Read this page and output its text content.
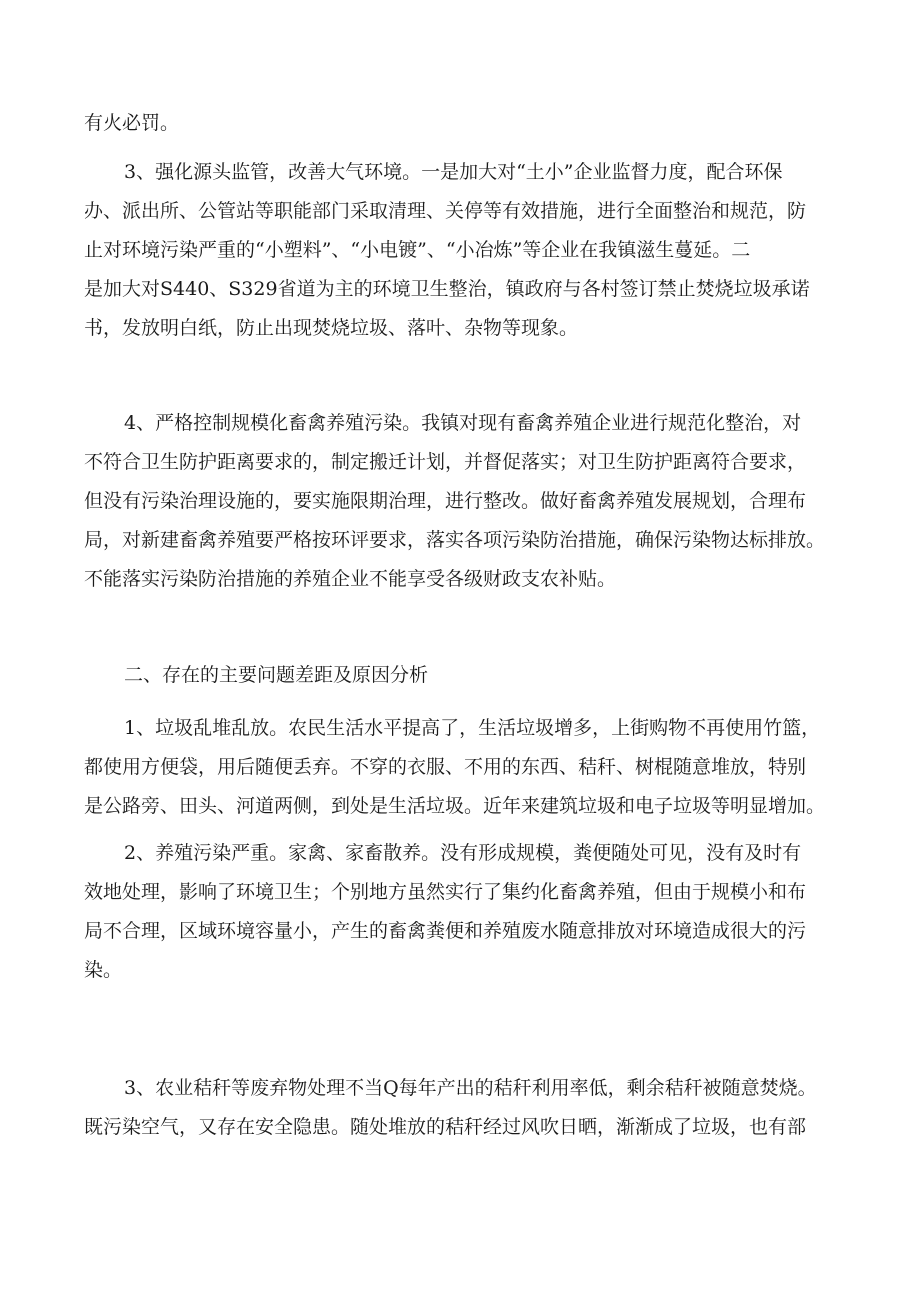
有火必罚。
3、强化源头监管，改善大气环境。一是加大对“土小”企业监督力度，配合环保
办、派出所、公管站等职能部门采取清理、关停等有效措施，进行全面整治和规范，防
止对环境污染严重的“小塑料”、“小电镀”、“小冶炼”等企业在我镇滋生蔓延。二
是加大对S440、S329省道为主的环境卫生整治，镇政府与各村签订禁止焚烧垃圾承诺
书，发放明白纸，防止出现焚烧垃圾、落叶、杂物等现象。
4、严格控制规模化畜禽养殖污染。我镇对现有畜禽养殖企业进行规范化整治，对
不符合卫生防护距离要求的，制定搬迁计划，并督促落实；对卫生防护距离符合要求，
但没有污染治理设施的，要实施限期治理，进行整改。做好畜禽养殖发展规划，合理布
局，对新建畜禽养殖要严格按环评要求，落实各项污染防治措施，确保污染物达标排放。
不能落实污染防治措施的养殖企业不能享受各级财政支农补贴。
二、存在的主要问题差距及原因分析
1、垃圾乱堆乱放。农民生活水平提高了，生活垃圾增多，上街购物不再使用竹篮，
都使用方便袋，用后随便丢弃。不穿的衣服、不用的东西、秸秆、树棍随意堆放，特别
是公路旁、田头、河道两侧，到处是生活垃圾。近年来建筑垃圾和电子垃圾等明显增加。
2、养殖污染严重。家禽、家畜散养。没有形成规模，粪便随处可见，没有及时有
效地处理，影响了环境卫生；个别地方虽然实行了集约化畜禽养殖，但由于规模小和布
局不合理，区域环境容量小，产生的畜禽粪便和养殖废水随意排放对环境造成很大的污
染。
3、农业秸秆等废弃物处理不当Q每年产出的秸秆利用率低，剩余秸秆被随意焚烧。
既污染空气，又存在安全隐患。随处堆放的秸秆经过风吹日晒，渐渐成了垃圾，也有部
